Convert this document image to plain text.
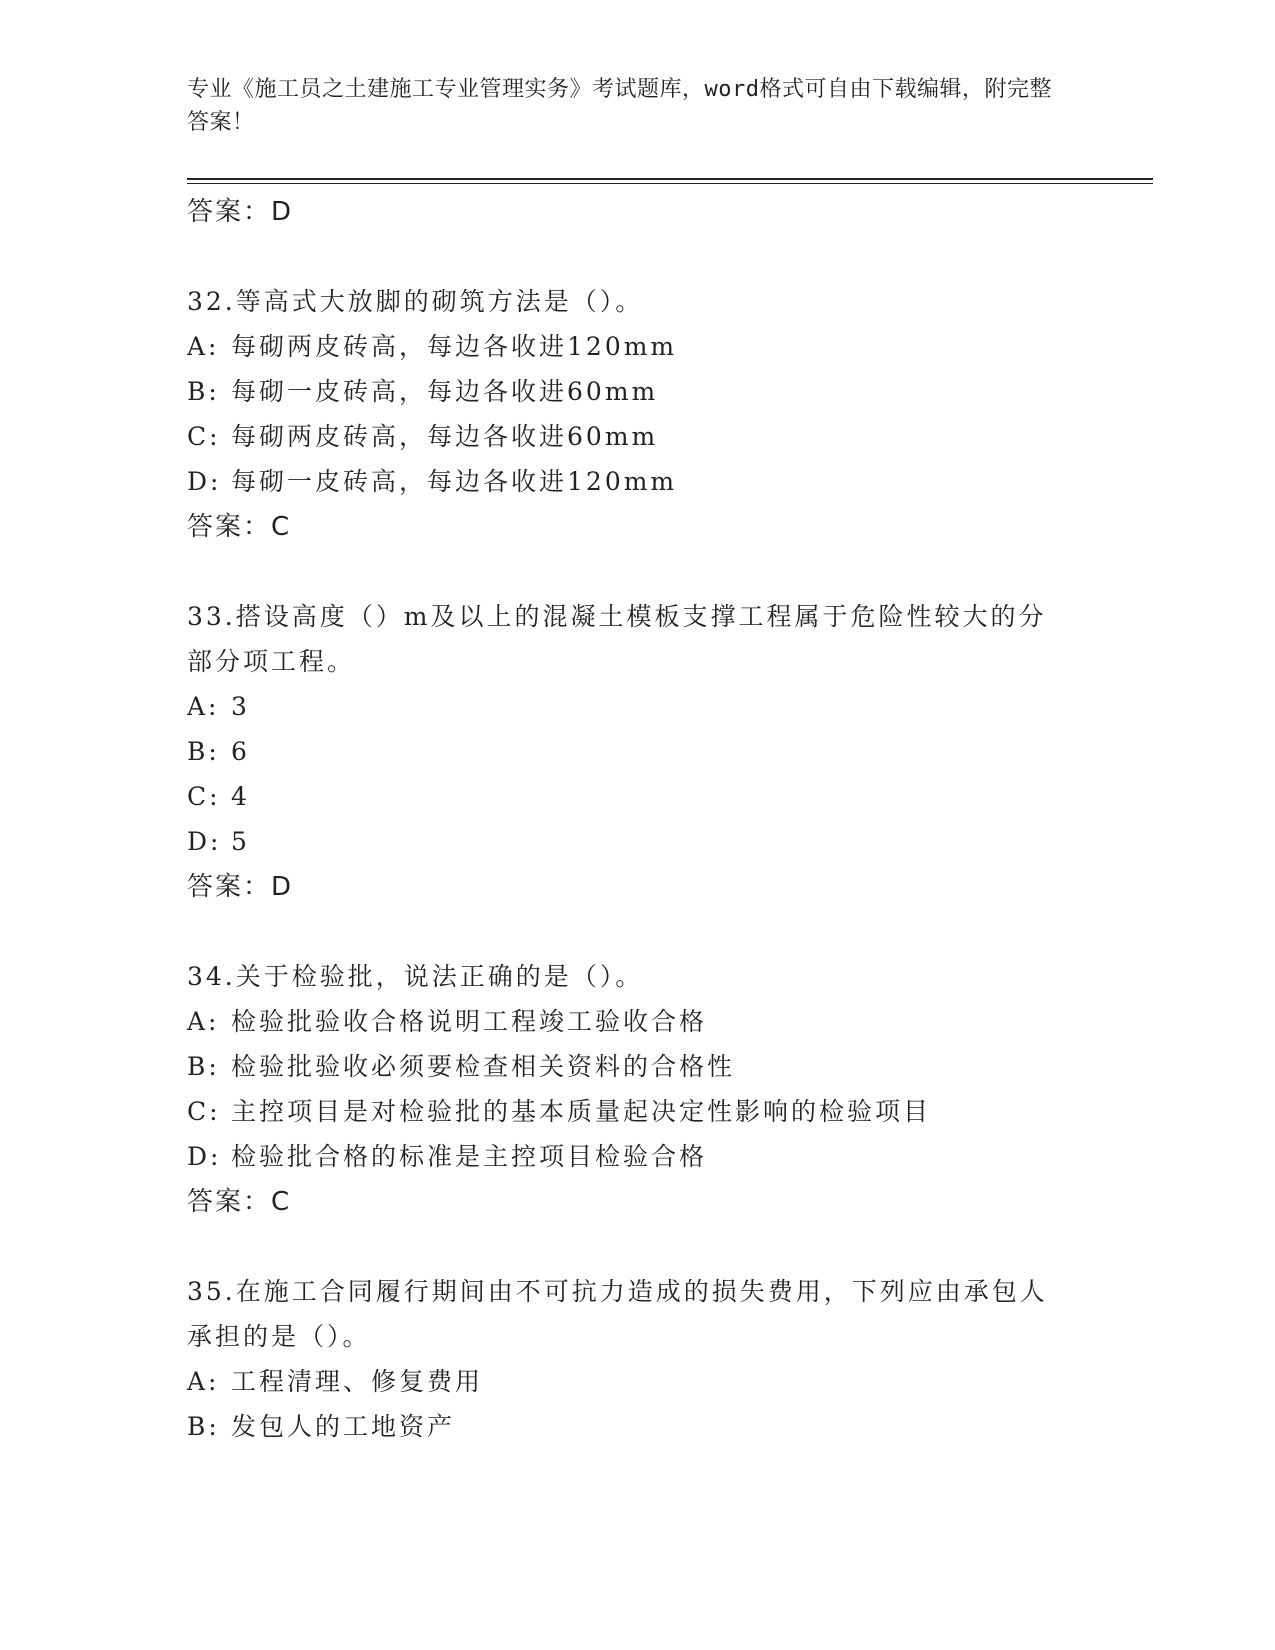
专业《施工员之土建施工专业管理实务》考试题库，word格式可自由下载编辑，附完整答案！
答案：D
32.等高式大放脚的砌筑方法是（）。
A: 每砌两皮砖高，每边各收进120mm
B: 每砌一皮砖高，每边各收进60mm
C: 每砌两皮砖高，每边各收进60mm
D: 每砌一皮砖高，每边各收进120mm
答案：C
33.搭设高度（）m及以上的混凝土模板支撑工程属于危险性较大的分部分项工程。
A: 3
B: 6
C: 4
D: 5
答案：D
34.关于检验批，说法正确的是（）。
A: 检验批验收合格说明工程竣工验收合格
B: 检验批验收必须要检查相关资料的合格性
C: 主控项目是对检验批的基本质量起决定性影响的检验项目
D: 检验批合格的标准是主控项目检验合格
答案：C
35.在施工合同履行期间由不可抗力造成的损失费用，下列应由承包人承担的是（）。
A: 工程清理、修复费用
B: 发包人的工地资产
